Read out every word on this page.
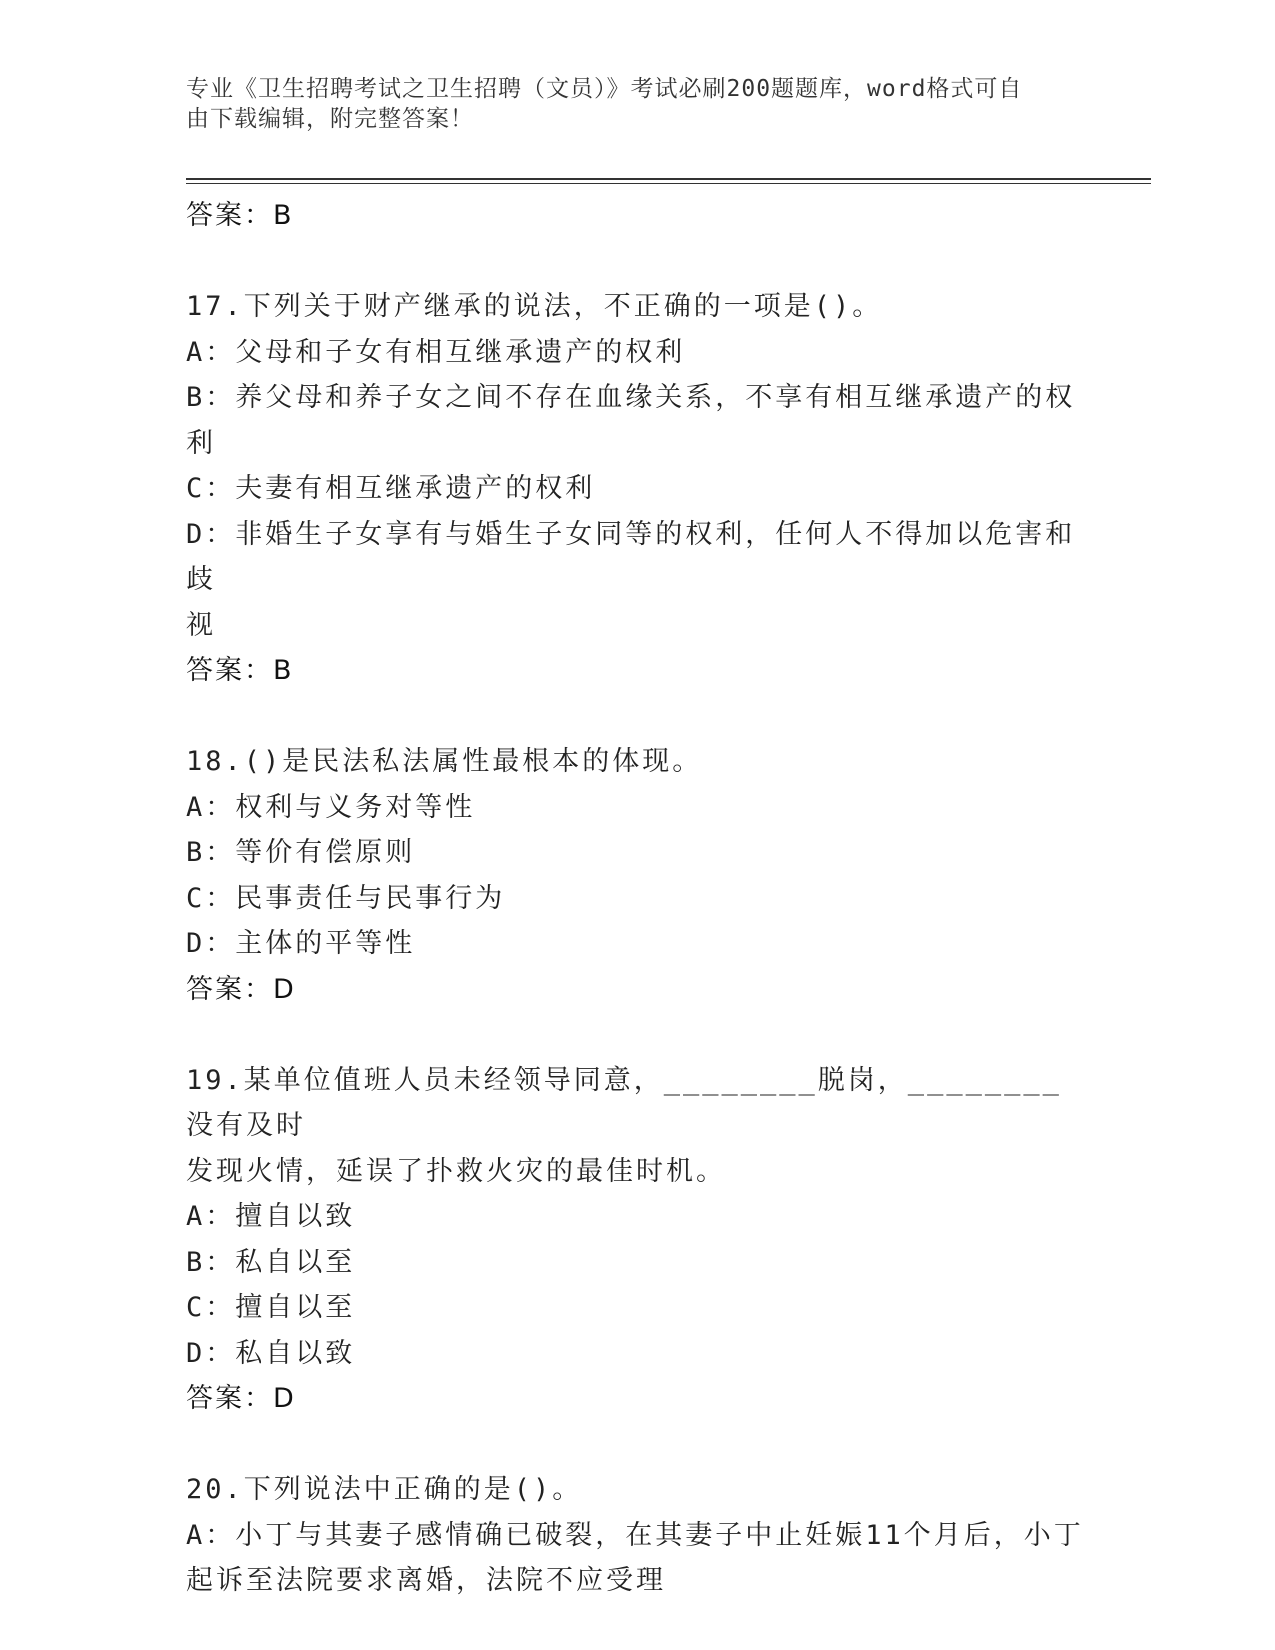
专业《卫生招聘考试之卫生招聘（文员）》考试必刷200题题库，word格式可自
由下载编辑，附完整答案！
答案：B
17.下列关于财产继承的说法，不正确的一项是()。
A：父母和子女有相互继承遗产的权利
B：养父母和养子女之间不存在血缘关系，不享有相互继承遗产的权利
C：夫妻有相互继承遗产的权利
D：非婚生子女享有与婚生子女同等的权利，任何人不得加以危害和歧
视
答案：B
18.()是民法私法属性最根本的体现。
A：权利与义务对等性
B：等价有偿原则
C：民事责任与民事行为
D：主体的平等性
答案：D
19.某单位值班人员未经领导同意，________脱岗，________没有及时
发现火情，延误了扑救火灾的最佳时机。
A：擅自以致
B：私自以至
C：擅自以至
D：私自以致
答案：D
20.下列说法中正确的是()。
A：小丁与其妻子感情确已破裂，在其妻子中止妊娠11个月后，小丁
起诉至法院要求离婚，法院不应受理
